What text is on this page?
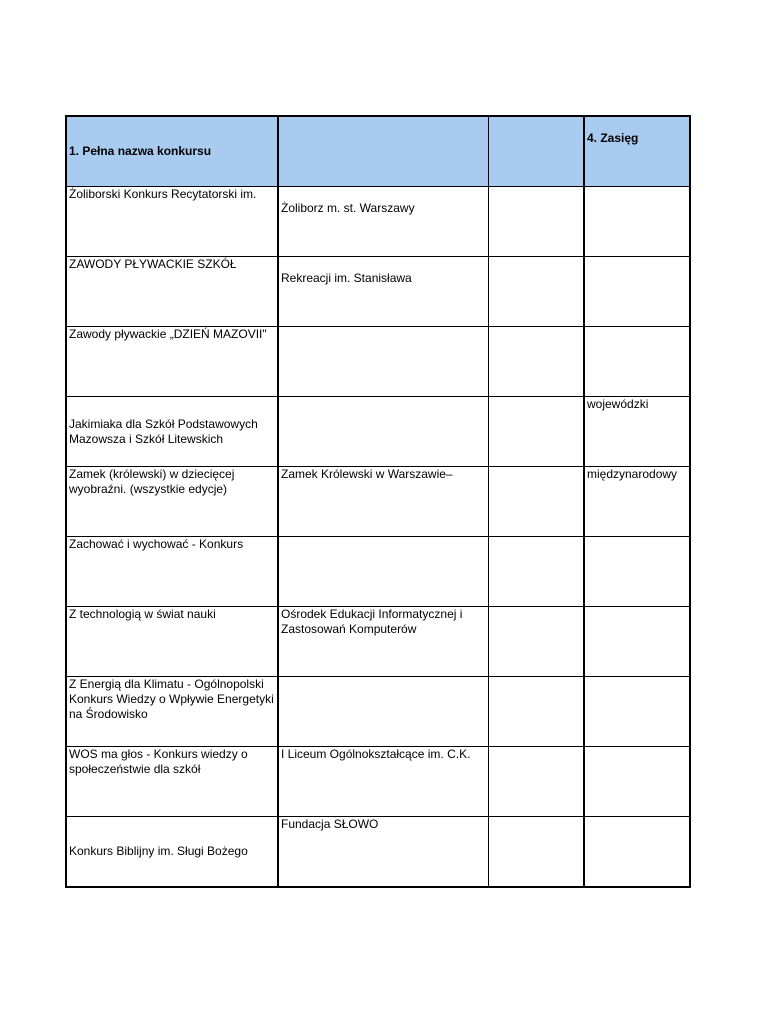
1. Pełna nazwa konkursu			4. Zasięg

Żoliborski Konkurs Recytatorski im.	Żoliborz m. st. Warszawy		

ZAWODY PŁYWACKIE SZKÓŁ	Rekreacji im. Stanisława		

Zawody pływackie „DZIEŃ MAZOVII"			
Jakimiaka dla Szkół Podstawowych Mazowsza i Szkół Litewskich			wojewódzki
Zamek (królewski) w dziecięcej wyobraźni. (wszystkie edycje)	Zamek Królewski w Warszawie–		międzynarodowy
Zachować i wychować - Konkurs			
Z technologią w świat nauki	Ośrodek Edukacji Informatycznej i Zastosowań Komputerów		
Z Energią dla Klimatu - Ogólnopolski Konkurs Wiedzy o Wpływie Energetyki na Środowisko			
WOS ma głos - Konkurs wiedzy o społeczeństwie dla szkół	I Liceum Ogólnokształcące im. C.K.		
Konkurs Biblijny im. Sługi Bożego	Fundacja SŁOWO		
